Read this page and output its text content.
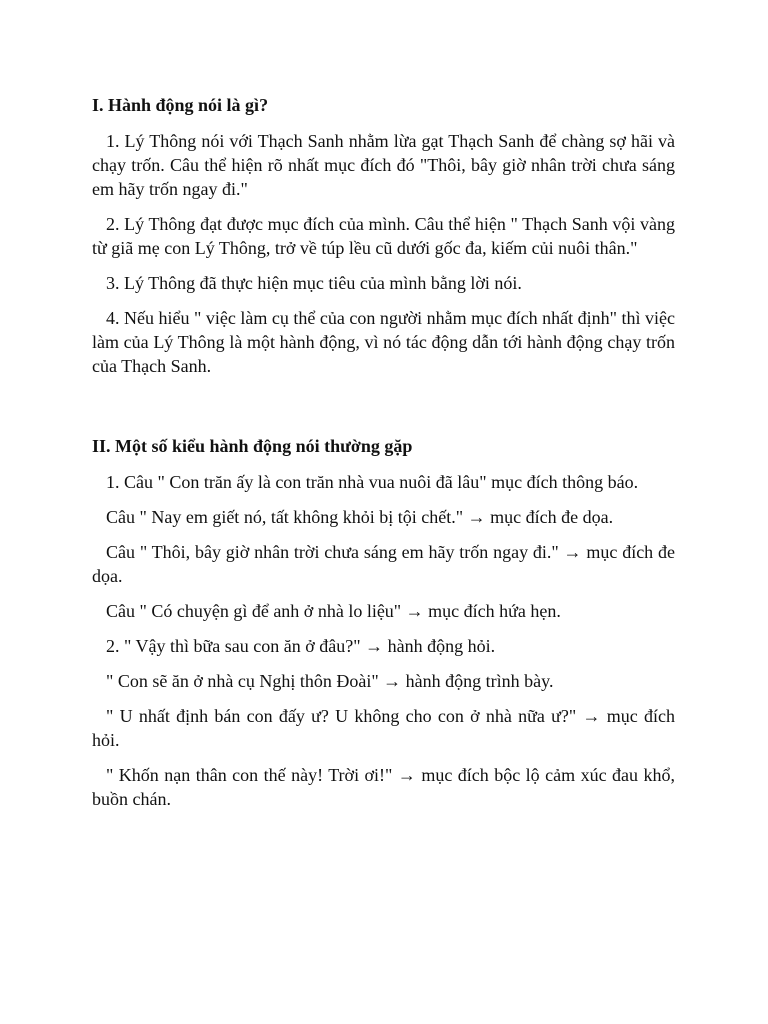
I. Hành động nói là gì?

1. Lý Thông nói với Thạch Sanh nhằm lừa gạt Thạch Sanh để chàng sợ hãi và chạy trốn. Câu thể hiện rõ nhất mục đích đó "Thôi, bây giờ nhân trời chưa sáng em hãy trốn ngay đi."

2. Lý Thông đạt được mục đích của mình. Câu thể hiện " Thạch Sanh vội vàng từ giã mẹ con Lý Thông, trở về túp lều cũ dưới gốc đa, kiếm củi nuôi thân."

3. Lý Thông đã thực hiện mục tiêu của mình bằng lời nói.

4. Nếu hiểu " việc làm cụ thể của con người nhằm mục đích nhất định" thì việc làm của Lý Thông là một hành động, vì nó tác động dẫn tới hành động chạy trốn của Thạch Sanh.

II. Một số kiểu hành động nói thường gặp

1. Câu " Con trăn ấy là con trăn nhà vua nuôi đã lâu" mục đích thông báo.

Câu " Nay em giết nó, tất không khỏi bị tội chết." → mục đích đe dọa.

Câu " Thôi, bây giờ nhân trời chưa sáng em hãy trốn ngay đi." → mục đích đe dọa.

Câu " Có chuyện gì để anh ở nhà lo liệu" → mục đích hứa hẹn.

2. " Vậy thì bữa sau con ăn ở đâu?" → hành động hỏi.

" Con sẽ ăn ở nhà cụ Nghị thôn Đoài" → hành động trình bày.

" U nhất định bán con đấy ư? U không cho con ở nhà nữa ư?" → mục đích hỏi.

" Khốn nạn thân con thế này! Trời ơi!" → mục đích bộc lộ cảm xúc đau khổ, buồn chán.
